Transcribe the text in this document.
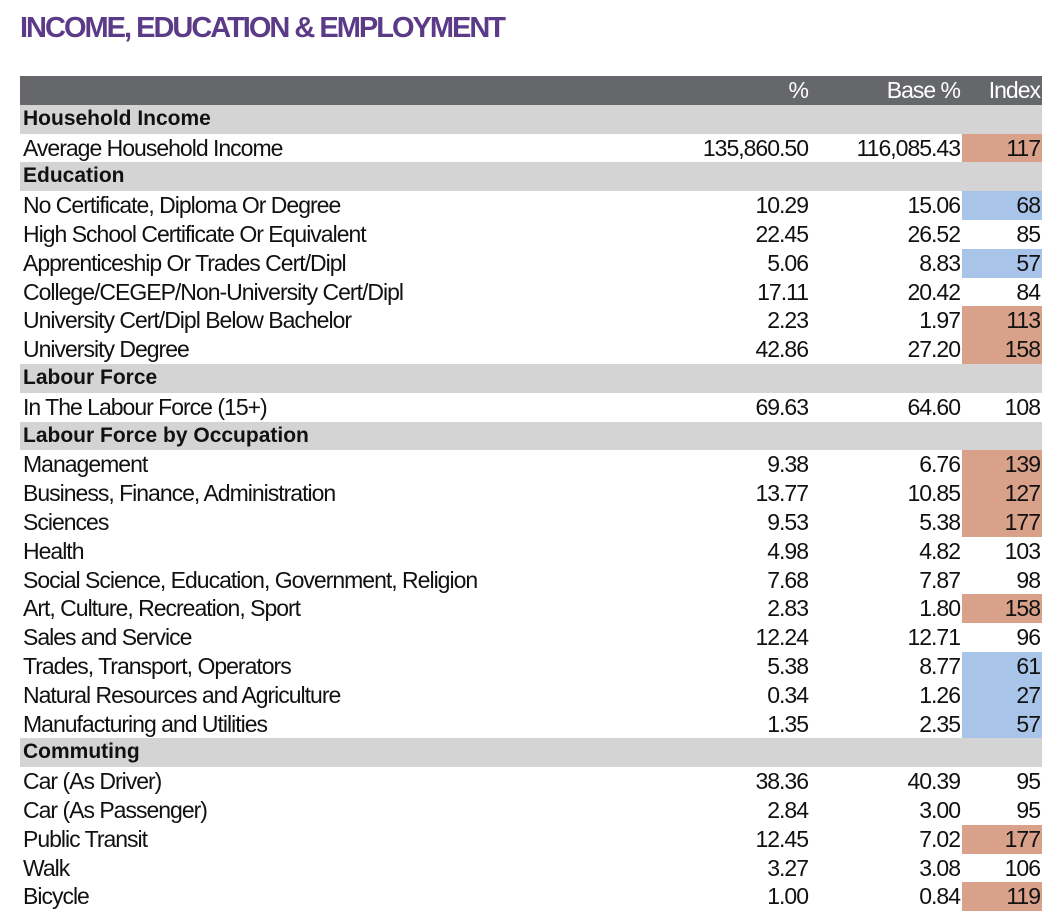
INCOME, EDUCATION & EMPLOYMENT
%	Base %	Index
Household Income
Average Household Income	135,860.50	116,085.43	117
Education
No Certificate, Diploma Or Degree	10.29	15.06	68
High School Certificate Or Equivalent	22.45	26.52	85
Apprenticeship Or Trades Cert/Dipl	5.06	8.83	57
College/CEGEP/Non-University Cert/Dipl	17.11	20.42	84
University Cert/Dipl Below Bachelor	2.23	1.97	113
University Degree	42.86	27.20	158
Labour Force
In The Labour Force (15+)	69.63	64.60	108
Labour Force by Occupation
Management	9.38	6.76	139
Business, Finance, Administration	13.77	10.85	127
Sciences	9.53	5.38	177
Health	4.98	4.82	103
Social Science, Education, Government, Religion	7.68	7.87	98
Art, Culture, Recreation, Sport	2.83	1.80	158
Sales and Service	12.24	12.71	96
Trades, Transport, Operators	5.38	8.77	61
Natural Resources and Agriculture	0.34	1.26	27
Manufacturing and Utilities	1.35	2.35	57
Commuting
Car (As Driver)	38.36	40.39	95
Car (As Passenger)	2.84	3.00	95
Public Transit	12.45	7.02	177
Walk	3.27	3.08	106
Bicycle	1.00	0.84	119
